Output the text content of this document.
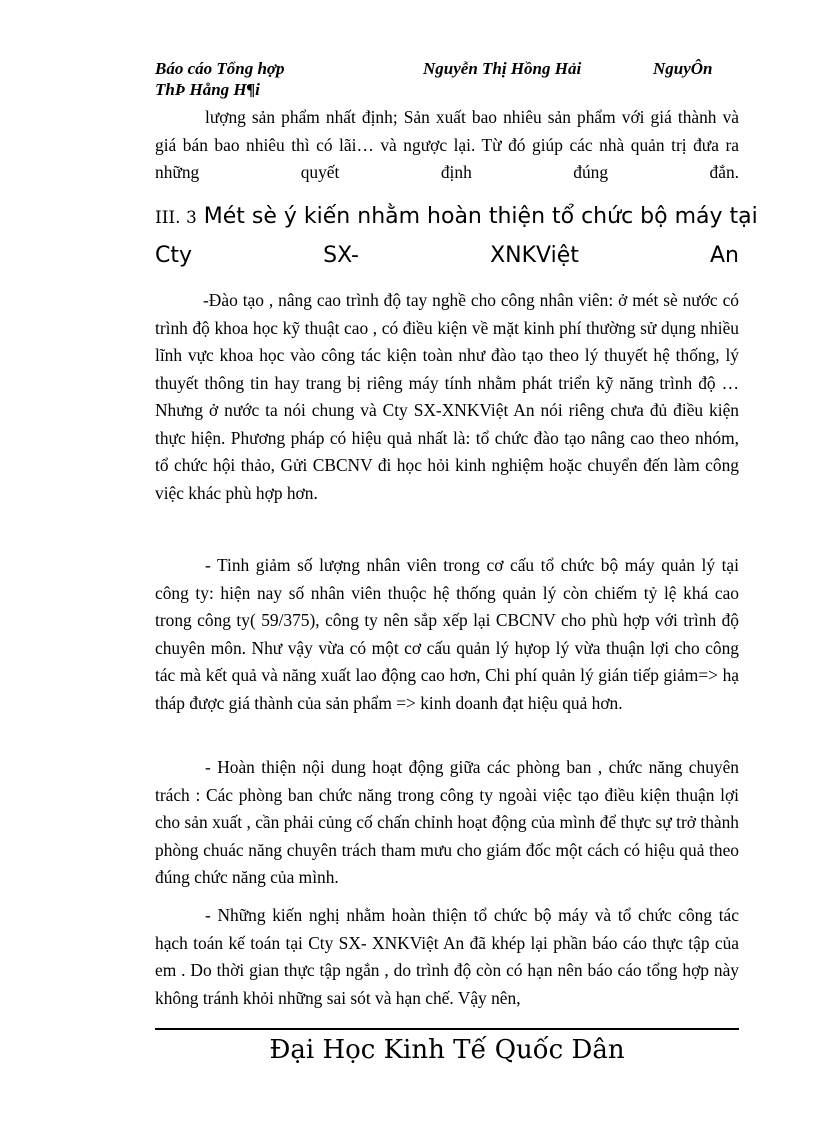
Báo cáo Tổng hợp	Nguyễn Thị Hồng Hải	NguyÔn
ThÞ Hång H¶i

lượng sản phẩm nhất định; Sản xuất bao nhiêu sản phẩm với giá thành và giá bán bao nhiêu thì có lãi… và ngược lại. Từ đó giúp các nhà quản trị đưa ra những quyết định đúng đắn.

III. 3 Mét sè ý kiến nhằm hoàn thiện tổ chức bộ máy tại
Cty	SX-	XNKViệt	An

-Đào tạo , nâng cao trình độ tay nghề cho công nhân viên: ở mét sè nước có trình độ khoa học kỹ thuật cao , có điều kiện về mặt kinh phí thường sử dụng nhiều lĩnh vực khoa học vào công tác kiện toàn như đào tạo theo lý thuyết hệ thống, lý thuyết thông tin hay trang bị riêng máy tính nhằm phát triển kỹ năng trình độ …Nhưng ở nước ta nói chung và Cty SX-XNKViệt An nói riêng chưa đủ điều kiện thực hiện. Phương pháp có hiệu quả nhất là: tổ chức đào tạo nâng cao theo nhóm, tổ chức hội thảo, Gửi CBCNV đi học hỏi kinh nghiệm hoặc chuyển đến làm công việc khác phù hợp hơn.

- Tinh giảm số lượng nhân viên trong cơ cấu tổ chức bộ máy quản lý tại công ty: hiện nay số nhân viên thuộc hệ thống quản lý còn chiếm tỷ lệ khá cao trong công ty( 59/375), công ty nên sắp xếp lại CBCNV cho phù hợp với trình độ chuyên môn. Như vậy vừa có một cơ cấu quản lý hựop lý vừa thuận lợi cho công tác mà kết quả và năng xuất lao động cao hơn, Chi phí quản lý gián tiếp giảm=> hạ tháp được giá thành của sản phẩm => kinh doanh đạt hiệu quả hơn.

- Hoàn thiện nội dung hoạt động giữa các phòng ban , chức năng chuyên trách : Các phòng ban chức năng trong công ty ngoài việc tạo điều kiện thuận lợi cho sản xuất , cần phải củng cố chấn chỉnh hoạt động của mình để thực sự trở thành phòng chuác năng chuyên trách tham mưu cho giám đốc một cách có hiệu quả theo đúng chức năng của mình.

- Những kiến nghị nhằm hoàn thiện tổ chức bộ máy và tổ chức công tác hạch toán kế toán tại Cty SX- XNKViệt An đã khép lại phần báo cáo thực tập của em . Do thời gian thực tập ngắn , do trình độ còn có hạn nên báo cáo tổng hợp này không tránh khỏi những sai sót và hạn chế. Vậy nên,

Đại Học Kinh Tế Quốc Dân
